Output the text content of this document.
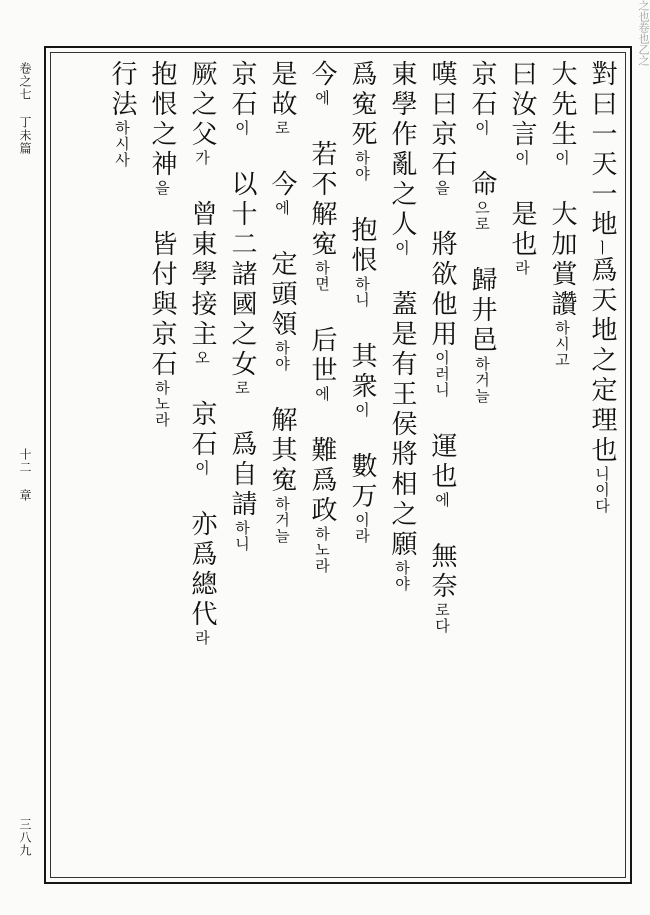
卷之七 丁未篇
十二 章
三八九
之也卷也乙之
對曰一天一地ㅣ爲天地之定理也니이다
大先生이 大加賞讚하시고
曰汝言이 是也라
京石이 命으로 歸井邑하거늘
嘆曰京石을 將欲他用이러니 運也에 無奈로다
東學作亂之人이 蓋是有王侯將相之願하야
爲寃死하야 抱恨하니 其衆이 數万이라
今에 若不解寃하면 后世에 難爲政하노라
是故로 今에 定頭領하야 解其寃하거늘
京石이 以十二諸國之女로 爲自請하니
厥之父가 曾東學接主오 京石이 亦爲總代라
抱恨之神을 皆付與京石하노라
行法하시사
